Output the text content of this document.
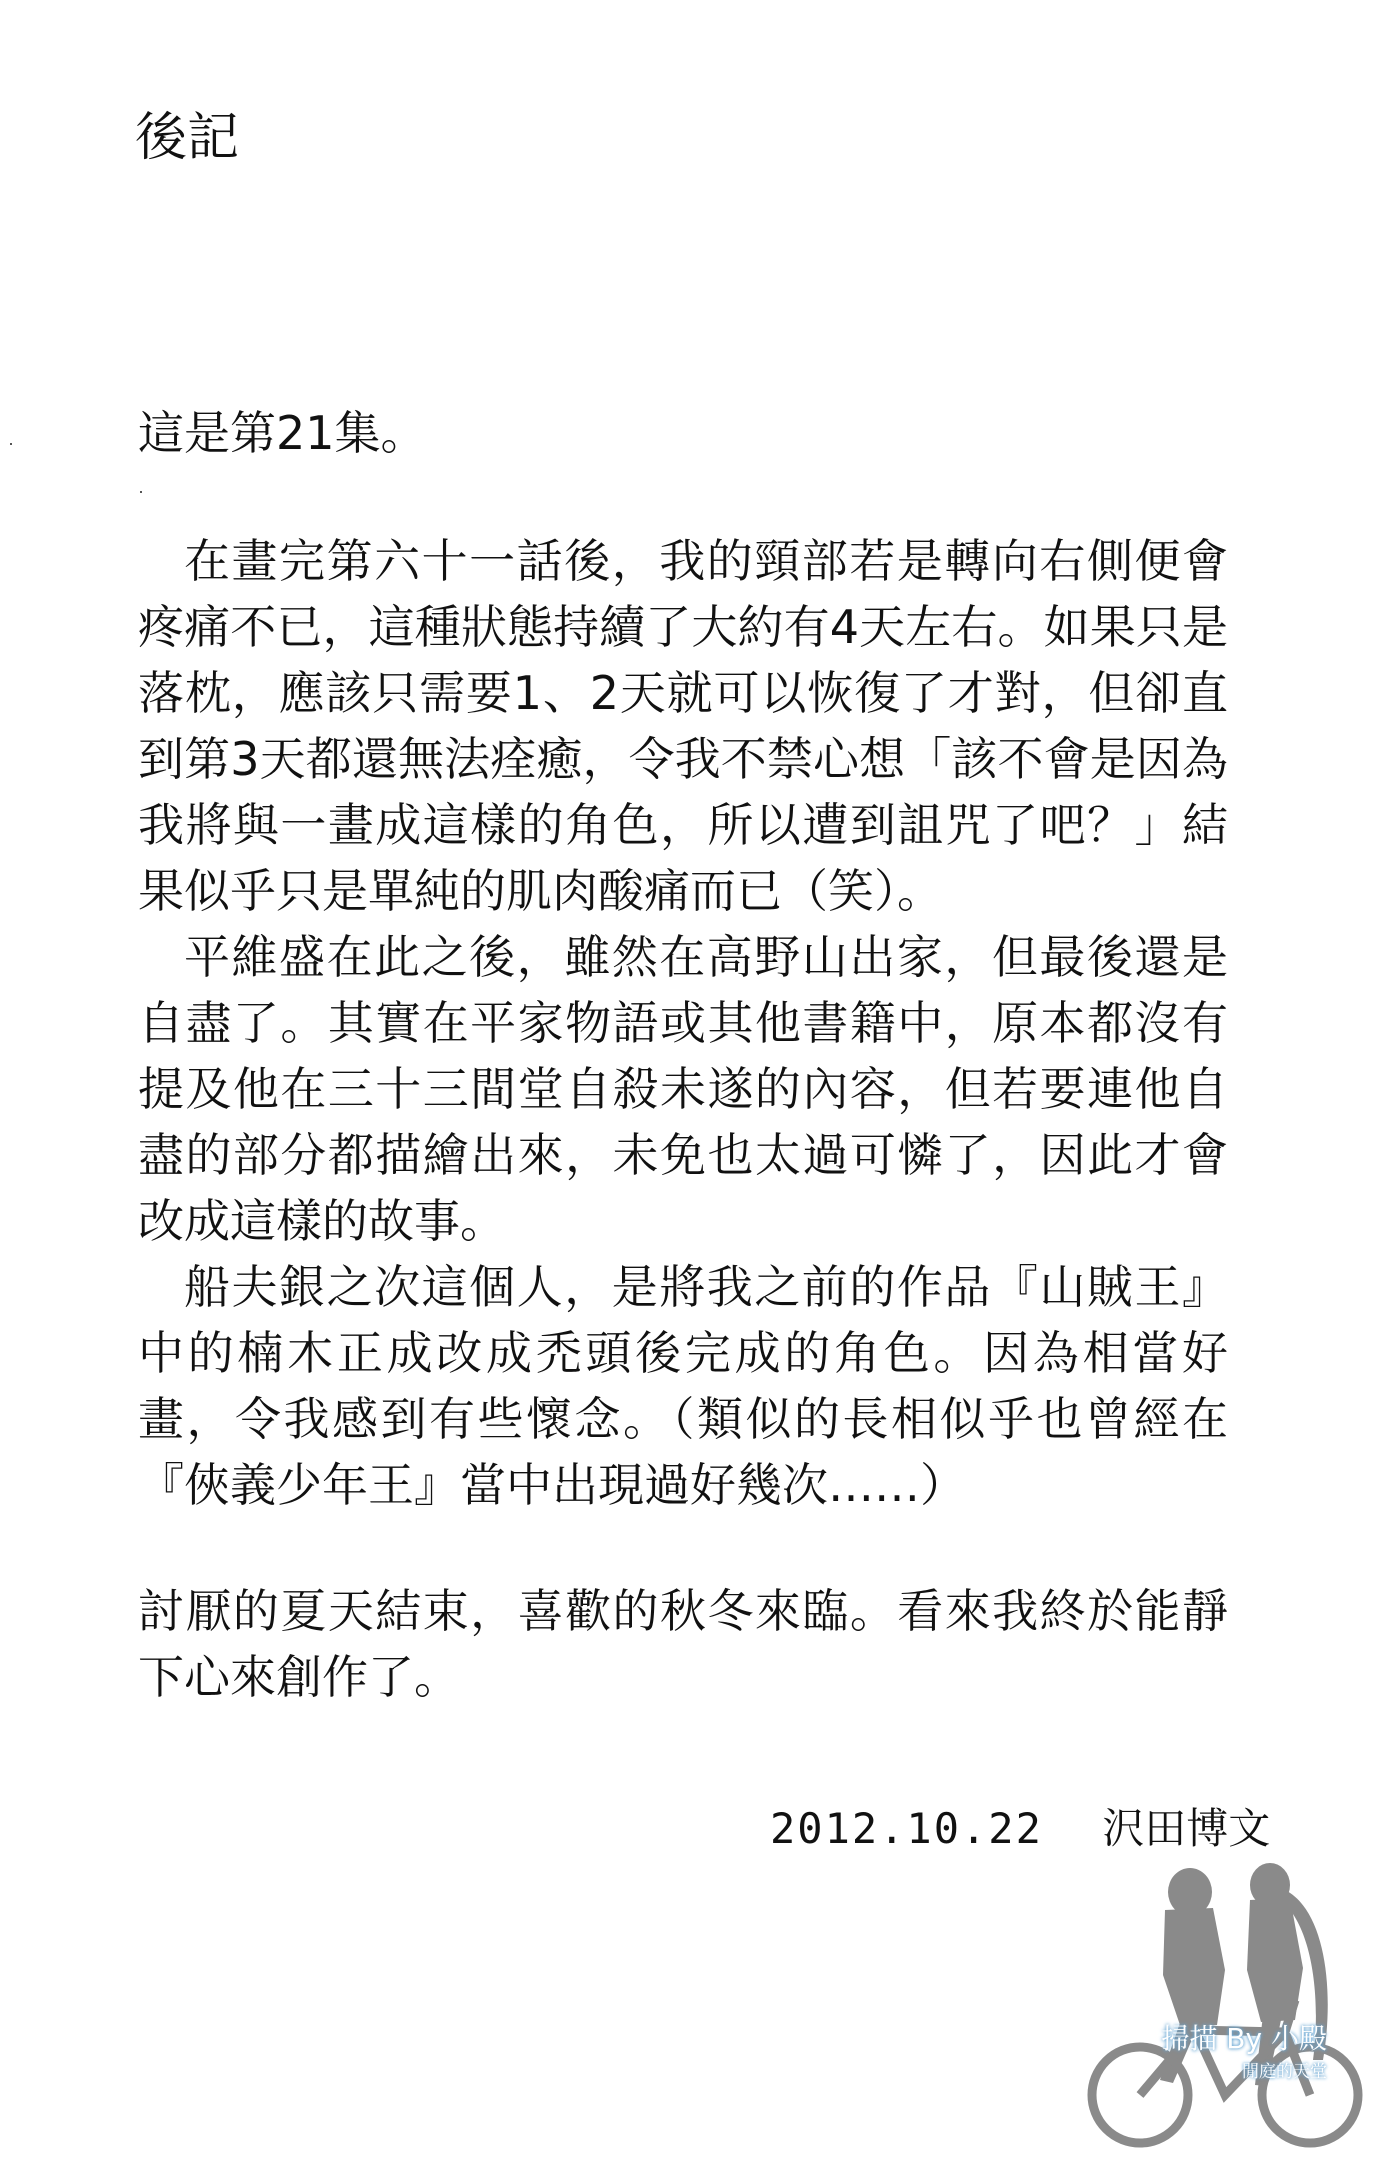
後記

這是第21集。

在畫完第六十一話後，我的頸部若是轉向右側便會疼痛不已，這種狀態持續了大約有4天左右。如果只是落枕，應該只需要1、2天就可以恢復了才對，但卻直到第3天都還無法痊癒，令我不禁心想「該不會是因為我將與一畫成這樣的角色，所以遭到詛咒了吧？」結果似乎只是單純的肌肉酸痛而已（笑）。

平維盛在此之後，雖然在高野山出家，但最後還是自盡了。其實在平家物語或其他書籍中，原本都沒有提及他在三十三間堂自殺未遂的內容，但若要連他自盡的部分都描繪出來，未免也太過可憐了，因此才會改成這樣的故事。

船夫銀之次這個人，是將我之前的作品『山賊王』中的楠木正成改成禿頭後完成的角色。因為相當好畫，令我感到有些懷念。（類似的長相似乎也曾經在『俠義少年王』當中出現過好幾次……）

討厭的夏天結束，喜歡的秋冬來臨。看來我終於能靜下心來創作了。

2012.10.22 沢田博文
掃描 By 小殿
閒庭的天堂
